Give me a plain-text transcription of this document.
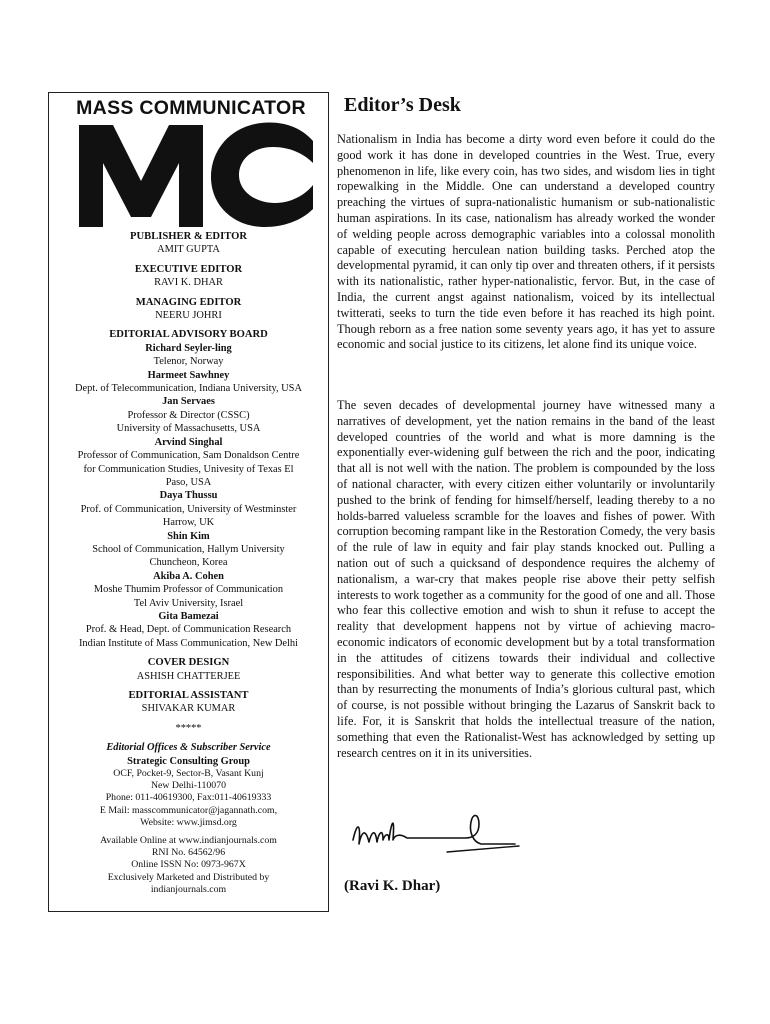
MASS COMMUNICATOR
PUBLISHER & EDITOR
AMIT GUPTA
EXECUTIVE EDITOR
RAVI K. DHAR
MANAGING EDITOR
NEERU JOHRI
EDITORIAL ADVISORY BOARD
Richard Seyler-ling
Telenor, Norway
Harmeet Sawhney
Dept. of Telecommunication, Indiana University, USA
Jan Servaes
Professor & Director (CSSC)
University of Massachusetts, USA
Arvind Singhal
Professor of Communication, Sam Donaldson Centre
for Communication Studies, Univesity of Texas El
Paso, USA
Daya Thussu
Prof. of Communication, University of Westminster
Harrow, UK
Shin Kim
School of Communication, Hallym University
Chuncheon, Korea
Akiba A. Cohen
Moshe Thumim Professor of Communication
Tel Aviv University, Israel
Gita Bamezai
Prof. & Head, Dept. of Communication Research
Indian Institute of Mass Communication, New Delhi
COVER DESIGN
ASHISH CHATTERJEE
EDITORIAL ASSISTANT
SHIVAKAR KUMAR
*****
Editorial Offices & Subscriber Service
Strategic Consulting Group
OCF, Pocket-9, Sector-B, Vasant Kunj
New Delhi-110070
Phone: 011-40619300, Fax:011-40619333
E Mail: masscommunicator@jagannath.com,
Website: www.jimsd.org
Available Online at www.indianjournals.com
RNI No. 64562/96
Online ISSN No: 0973-967X
Exclusively Marketed and Distributed by
indianjournals.com
Editor’s Desk

Nationalism in India has become a dirty word even before it could do the good work it has done in developed countries in the West. True, every phenomenon in life, like every coin, has two sides, and wisdom lies in tight ropewalking in the Middle. One can understand a developed country preaching the virtues of supra-nationalistic humanism or sub-nationalistic human aspirations. In its case, nationalism has already worked the wonder of welding people across demographic variables into a colossal monolith capable of executing herculean nation building tasks. Perched atop the developmental pyramid, it can only tip over and threaten others, if it persists with its nationalistic, rather hyper-nationalistic, fervor. But, in the case of India, the current angst against nationalism, voiced by its intellectual twitterati, seeks to turn the tide even before it has reached its high point. Though reborn as a free nation some seventy years ago, it has yet to assure economic and social justice to its citizens, let alone find its unique voice.

The seven decades of developmental journey have witnessed many a narratives of development, yet the nation remains in the band of the least developed countries of the world and what is more damning is the exponentially ever-widening gulf between the rich and the poor, indicating that all is not well with the nation. The problem is compounded by the loss of national character, with every citizen either voluntarily or involuntarily pushed to the brink of fending for himself/herself, leading thereby to a no holds-barred valueless scramble for the loaves and fishes of power. With corruption becoming rampant like in the Restoration Comedy, the very basis of the rule of law in equity and fair play stands knocked out. Pulling a nation out of such a quicksand of despondence requires the alchemy of nationalism, a war-cry that makes people rise above their petty selfish interests to work together as a community for the good of one and all. Those who fear this collective emotion and wish to shun it refuse to accept the reality that development happens not by virtue of achieving macro-economic indicators of economic development but by a total transformation in the attitudes of citizens towards their individual and collective responsibilities. And what better way to generate this collective emotion than by resurrecting the monuments of India’s glorious cultural past, which of course, is not possible without bringing the Lazarus of Sanskrit back to life. For, it is Sanskrit that holds the intellectual treasure of the nation, something that even the Rationalist-West has acknowledged by setting up research centres on it in its universities.

(Ravi K. Dhar)
